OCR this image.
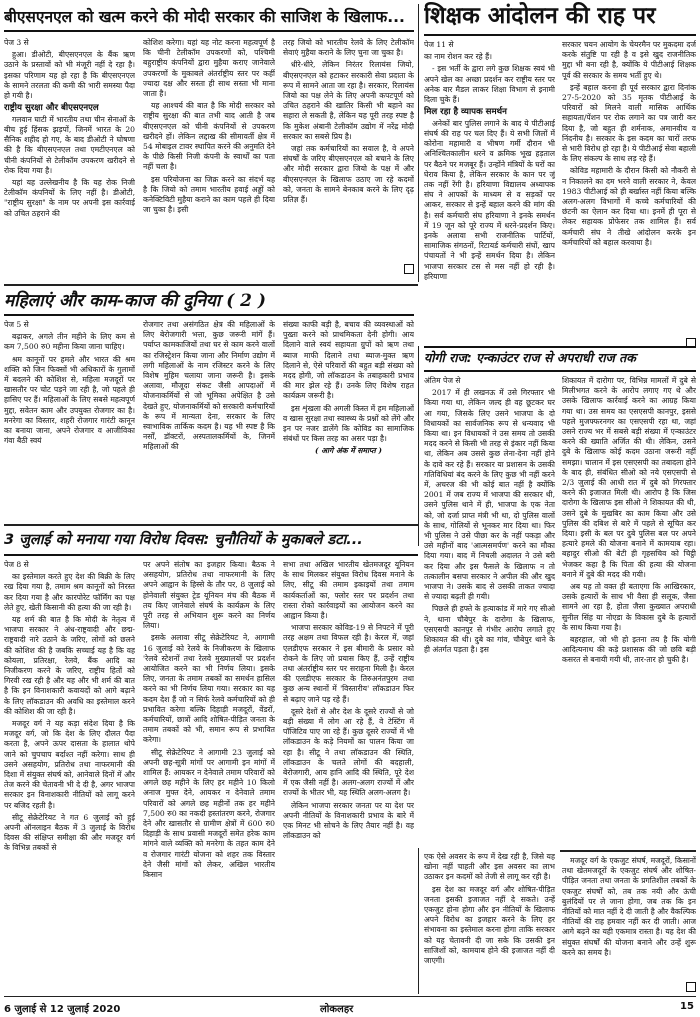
बीएसएनएल को खत्म करने की मोदी सरकार की साजिश के खिलाफ...

पेज 3 से

हुआ। डीओटी, बीएसएनएल के बैंक ऋण उठाने के प्रस्तावों को भी मंजूरी नहीं दे रहा है। इसका परिणाम यह हो रहा है कि बीएसएनएल के सामने तरलता की कमी की भारी समस्या पैदा हो गयी है।

राष्ट्रीय सुरक्षा और बीएसएनएल

गलवान घाटी में भारतीय तथा चीन सेनाओं के बीच हुई हिंसक झड़पों, जिनमें भारत के 20 सैनिक शहीद हो गए, के बाद डीओटी ने घोषणा की है कि बीएसएनएल तथा एमटीएनएल को चीनी कंपनियों से टेलीकॉम उपकरण खरीदने से रोक दिया गया है।

यहां यह उल्लेखनीय है कि यह रोक निजी टेलीकॉम कंपनियों के लिए नहीं है। डीओटी, "राष्ट्रीय सुरक्षा" के नाम पर अपनी इस कार्रवाई को उचित ठहराने की

कोशिश करेगा। यहां यह नोट करना महत्वपूर्ण है कि चीनी टेलीकॉम उपकरणों को, पश्चिमी बहुराष्ट्रीय कंपनियों द्वारा मुहैया कराए जानेवाले उपकरणों के मुकाबले अंतर्राष्ट्रीय स्तर पर कहीं ज्यादा दक्ष और सस्ता ही साथ सस्ता भी माना जाता है।

यह आश्चर्य की बात है कि मोदी सरकार को राष्ट्रीय सुरक्षा की बात तभी याद आती है जब बीएसएनएल को चीनी कंपनियों से उपकरण खरीदने हों। लेकिन लद्दाख की सीमावर्ती क्षेत्र में 54 मोबाइल टावर स्थापित करने की अनुमति देने के पीछे किसी निजी कंपनी के स्वार्थों का पता नहीं चला है।

इस परियोजना का जिक्र करने का संदर्भ यह है कि जियो को तमाम भारतीय हवाई अड्डों को कनेक्टिविटी मुहैया कराने का काम पहले ही दिया जा चुका है। इसी

तरह जियो को भारतीय रेलवे के लिए टेलीकॉम सेवाएं मुहैया कराने के लिए चुना जा चुका है।

धीरे-धीरे, लेकिन निरंतर रिलायंस जियो, बीएसएनएल को हटाकर सरकारी सेवा प्रदाता के रूप में सामने आता जा रहा है। सरकार, रिलायंस जियो का पक्ष लेने के लिए अपनी कपटपूर्ण को उचित ठहराने की खातिर किसी भी बहाने का सहारा ले सकती है, लेकिन यह पूरी तरह स्पष्ट है कि मुकेश अंबानी टेलीकॉम उद्योग में नरेंद्र मोदी सरकार का सबसे प्रिय है।

जहां तक कर्मचारियों का सवाल है, वे अपने संघर्षों के जरिए बीएसएनएल को बचाने के लिए और मोदी सरकार द्वारा जियो के पक्ष में और बीएसएनएल के खिलाफ उठाए जा रहे कदमों को, जनता के सामने बेनकाब करने के लिए दृढ़ प्रतिज्ञ हैं।

शिक्षक आंदोलन की राह पर

पेज 11 से

का नाम रोशन कर रहे हैं।

- इस भर्ती के द्वारा लगे कुछ शिक्षक स्वयं भी अपने खेल का अच्छा प्रदर्शन कर राष्ट्रीय स्तर पर अनेक बार मैडल लाकर शिक्षा विभाग से इनामी दिला चुके हैं।

मिल रहा है व्यापक समर्थन

अनेकों बार पुलिस लगाने के बाद ये पीटीआई संघर्ष की राह पर चल दिए हैं। ये सभी जिलों में कोरोना महामारी व भीषण गर्मी दौरान भी अनिश्चितकालीन धरने व क्रमिक भूख हड़ताल पर बैठने पर मजबूर हैं। उन्होंने मंत्रियों के घरों का घेराव किया है, लेकिन सरकार के कान पर जूं तक नहीं रेंगी है। हरियाणा विद्यालय अध्यापक संघ ने आपकों के माध्यम से व सड़कों पर आकर, सरकार से इन्हें बहाल करने की मांग की है। सर्व कर्मचारी संघ हरियाणा ने इनके समर्थन में 19 जून को पूरे राज्य में धरने-प्रदर्शन किए। इनके अलावा सभी राजनीतिक पार्टियों, सामाजिक संगठनों, रिटायर्ड कर्मचारी संघों, खाप पंचायतों ने भी इन्हें समर्थन दिया है। लेकिन भाजपा सरकार टस से मस नहीं हो रही है। हरियाणा

सरकार चयन आयोग के चेयरमैन पर मुकदमा दर्ज करके संतुष्टि पा रही है व इसे खुद राजनीतिक मुद्दा भी बना रही है, क्योंकि ये पीटीआई शिक्षक पूर्व की सरकार के समय भर्ती हुए थे।

इन्हें बहाल करना ही पूर्व सरकार द्वारा दिनांक 27-5-2020 को 35 मृतक पीटीआई के परिवारों को मिलने वाली मासिक आर्थिक सहायता/पेंशन पर रोक लगाने का पत्र जारी कर दिया है, जो बहुत ही शर्मनाक, अमानवीय व निंदनीय है। सरकार के इस कदम का चारों तरफ से भारी विरोध हो रहा है। ये पीटीआई सेवा बहाली के लिए संकल्प के साथ लड़ रहे हैं।

कोविड महामारी के दौरान किसी को नौकरी से न निकालने का दम भरने वाली सरकार ने, केवल 1983 पीटीआई को ही बर्खास्त नहीं किया बल्कि अलग-अलग विभागों में कच्चे कर्मचारियों की छंटनी का ऐलान कर दिया था। इनमें ही पूरा से लेकर सहायक प्रोफेसर तक शामिल हैं। सर्व कर्मचारी संघ ने तीखे आंदोलन करके इन कर्मचारियों को बहाल करवाया है।

महिलाएं और काम-काज की दुनिया ( 2 )

पेज 5 से

बढ़ाकर, अगले तीन महीने के लिए कम से कम 7,500 रु0 महीना किया जाना चाहिए।

श्रम कानूनों पर हमले और भारत की श्रम शक्ति को जिन फिक्सों भी अधिकारों के गुलामों में बदलने की कोशिश से, महिला मजदूरों पर खासतौर पर चोट पड़ने जा रही है, जो पहले ही हासिए पर हैं। महिलाओं के लिए सबसे महत्वपूर्ण मुद्दा, सवेतन काम और उपयुक्त रोजगार का है। मनरेगा का विस्तार, शहरी रोजगार गारंटी कानून का बनाया जाना, अपने रोजगार व आजीविका गंवा बैठी स्वयं

रोजगार तथा असंगठित क्षेत्र की महिलाओं के लिए बेरोजगारी भत्ता, कुछ जरूरी मांगें हैं। पर्याप्त कामकाजियों तथा घर से काम करने वालों का रजिस्ट्रेशन किया जाना और निर्माण उद्योग में लगी महिलाओं के नाम रजिस्टर करने के लिए विशेष मुहिम चलाया जाना जरूरी है। इसके अलावा, मौजूदा संकट जैसी आपदाओं में योजनाकर्मियों से जो भूमिका अपेक्षित है उसे देखते हुए, योजनाकर्मियों को सरकारी कर्मचारियों के रूप में मान्यता देना, सरकार के लिए स्वाभाविक तार्किक कदम है। यह भी स्पष्ट है कि नर्सों, डॉक्टरों, अस्पतालकर्मियों के, जिनमें महिलाओं की

संख्या काफी बड़ी है, बचाव की व्यवस्थाओं को पुख्ता करने को प्राथमिकता देनी होगी। आय दिलाने वाले स्वयं सहायता ग्रुपों को ऋण तथा ब्याज माफी दिलाने तथा ब्याज-मुक्त ऋण दिलाने से, ऐसे परिवारों की बहुत बड़ी संख्या को मदद होगी, जो लॉकडाउन के तबाहकारी प्रभाव की मार झेल रहे हैं। उनके लिए विशेष राहत कार्यक्रम जरूरी है।

इस शृंखला की अगली किस्त में हम महिलाओं व खास सुरक्षा तथा स्वास्थ्य के प्रश्नों को लेंगे और इन पर नजर डालेंगे कि कोविड का सामाजिक संबंधों पर किस तरह का असर पड़ा है।

( आगे अंक में समाप्त )

योगी राज: एन्काउंटर राज से अपराधी राज तक

अंतिम पेज से

2017 में ही लखनऊ में उसे गिरफ्तार भी किया गया था, लेकिन जल्द ही वह छूटकर घर आ गया, जिसके लिए उसने भाजपा के दो विधायकों का सार्वजनिक रूप से धन्यवाद भी किया था। इन विधायकों ने उस समय तो उसकी मदद करने से किसी भी तरह से इंकार नहीं किया था, लेकिन अब उससे कुछ लेना-देना नहीं होने के दावे कर रहे हैं। सरकार या प्रशासन के उसकी गतिविधियां बंद करने के लिए कुछ भी नहीं करने में, अचरज की भी कोई बात नहीं है क्योंकि 2001 में जब राज्य में भाजपा की सरकार थी, उसने पुलिस थाने में ही, भाजपा के एक नेता को, जो दर्जा प्राप्त मंत्री भी था, दो पुलिस वालों के साथ, गोलियों से भूनकर मार दिया था। फिर भी पुलिस ने उसे पीछा कर के नहीं पकड़ा और उसे महीनों बाद 'आत्मसमर्पण' करने का मौका दिया गया। बाद में निचली अदालत ने उसे बरी कर दिया और इस फैसले के खिलाफ न तो तत्कालीन बसपा सरकार ने अपील की और खुद भाजपा ने। उसके बाद से उसकी ताकत ज्यादा से ज्यादा बढ़ती ही गयी।

पिछले ही हफ्ते के हत्याकांड में मारे गए सीओ ने, थाना चौबेपुर के दारोगा के खिलाफ, एसएसपी कानपुर से गंभीर आरोप लगाते हुए शिकायत की थी। दुबे का गांव, चौबेपुर थाने के ही अंतर्गत पड़ता है। इस

शिकायत में दारोगा पर, विभिन्न मामलों में दुबे से मिलीभगत करने के आरोप लगाए गए थे और उसके खिलाफ कार्रवाई करने का आग्रह किया गया था। उस समय का एसएसपी कानपुर, इससे पहले मुजफ्फरनगर का एसएसपी रहा था, जहां उसने राज्य भर में सबसे बड़ी संख्या में एन्काउंटर करने की ख्याति अर्जित की थी। लेकिन, उसने दुबे के खिलाफ कोई कदम उठाना जरूरी नहीं समझा। चालान में इस एसएसपी का तबादला होने के बाद ही, संबंधित सीओ को नये एसएसपी से 2/3 जुलाई की आधी रात में दुबे को गिरफ्तार करने की इजाजत मिली थी। आरोप है कि जिस दारोगा के खिलाफ इस सीओ ने शिकायत की थी, उसने दुबे के मुखबिर का काम किया और उसे पुलिस की दबिश से बारे में पहले से सूचित कर दिया। इसी के बल पर दुबे पुलिस बल पर अपने हत्यारे हमले की योजना बनाने में कामयाब रहा। बहादुर सीओ की बेटी ही गृहसचिव को चिट्ठी भेजकर कहा है कि पिता की हत्या की योजना बनाने में दुबे की मदद की गयी।

अब यह तो वक्त ही बताएगा कि आखिरकार, उसके हत्यारों के साथ भी वैसा ही सलूक, जैसा सामने आ रहा है, होता जैसा कुख्यात अपराधी सुनील सिंह या नोएडा के विकास दुबे के हत्यारों के साथ किया गया है।

बहरहाल, जो भी हो इतना तय है कि योगी आदित्यनाथ की कड़े प्रशासक की जो छवि बड़ी कसरत से बनायी गयी थी, तार-तार हो चुकी है।

3 जुलाई को मनाया गया विरोध दिवस: चुनौतियों के मुकाबले डटा...

पेज 8 से

का इस्तेमाल करते हुए देश की बिक्री के लिए रख दिया गया है, तमाम श्रम कानूनों को निरस्त कर दिया गया है और कारपोरेट फॉर्मिंग का पक्ष लेते हुए, खेती किसानी की हत्या की जा रही है।

यह शर्म की बात है कि मोदी के नेतृत्व में भाजपा सरकार ने अंध-राष्ट्रवादी और छद्म-राष्ट्रवादी नारे उठाने के जरिए, लोगों को छलने की कोशिश की है जबकि सच्चाई यह है कि वह कोयला, प्रतिरक्षा, रेलवे, बैंक आदि का निजीकरण करने के जरिए, राष्ट्रीय हितों को गिरवी रख रही है और यह और भी शर्म की बात है कि इन विनाशकारी कवायदों को आगे बढ़ाने के लिए लॉकडाउन की अवधि का इस्तेमाल करने की कोशिश की जा रही है।

मजदूर वर्ग ने यह कड़ा संदेश दिया है कि मजदूर वर्ग, जो कि देश के लिए दौलत पैदा करता है, अपने ऊपर दासता के हालात थोपे जाने को चुपचाप बर्दाश्त नहीं करेगा। साथ ही उसने असहयोग, प्रतिरोध तथा नाफरमानी की दिशा में संयुक्त संघर्ष को, आनेवाले दिनों में और तेज करने की चेतावनी भी दे दी है, अगर भाजपा सरकार इन विनाशकारी नीतियों को लागू करने पर बजिद रहती है।

सीटू सेक्रेटेरियट ने गत 6 जुलाई को हुई अपनी ऑनलाइन बैठक में 3 जुलाई के विरोध दिवस की संक्षिप्त समीक्षा की और मजदूर वर्ग के विभिन्न तबकों से

पर अपने संतोष का इजहार किया। बैठक ने असहयोग, प्रतिरोध तथा नाफरमानी के लिए अपने आह्वान के हिस्से के तौर पर, 8 जुलाई को होनेवाली संयुक्त ट्रेड यूनियन मंच की बैठक में तय किए जानेवाले संघर्ष के कार्यक्रम के लिए पूरी तरह से अभियान शुरू करने का निर्णय लिया।

इसके अलावा सीटू सेक्रेटेरियट ने, आगामी 16 जुलाई को रेलवे के निजीकरण के खिलाफ 'रेलवे स्टेशनों तथा रेलवे मुख्यालयों पर प्रदर्शन आयोजित करने का भी निर्णय लिया। इसके लिए, जनता के तमाम तबकों का समर्थन हासिल करने का भी निर्णय लिया गया। सरकार का यह कदम देश हैं जो न सिर्फ रेलवे कर्मचारियों को ही प्रभावित करेगा बल्कि दिहाड़ी मजदूरों, वेंडरों, कर्मचारियों, छात्रों आदि शोषित-पीड़ित जनता के तमाम तबकों को भी, समान रूप से प्रभावित करेगा।

सीटू सेक्रेटेरियट ने आगामी 23 जुलाई को अपनी छह-सूत्री मांगों पर आगामी इन मांगों में शामिल हैं: आयकर न देनेवाले तमाम परिवारों को अगले छह महीने के लिए हर महीने 10 किलो अनाज मुफ्त देने, आयकर न देनेवाले तमाम परिवारों को अगले छह महीनों तक हर महीने 7,500 रु0 का नकदी हस्तांतरण करने, रोजगार देने और खासतौर से ग्रामीण क्षेत्रों में 600 रु0 दिहाड़ी के साथ प्रवासी मजदूरों समेत हरेक काम मांगने वाले व्यक्ति को मनरेगा के तहत काम देने व रोजगार गारंटी योजना को शहर तक विस्तार देने जैसी मांगों को लेकर, अखिल भारतीय किसान

सभा तथा अखिल भारतीय खेतमजदूर यूनियन के साथ मिलकर संयुक्त विरोध दिवस मनाने के लिए, सीटू की तमाम इकाइयों तथा तमाम कार्यकर्ताओं का, फ्लोर स्तर पर प्रदर्शन तथा रास्ता रोको कार्रवाइयों का आयोजन करने का आह्वान किया है।

भाजपा सरकार कोविड-19 से निपटने में पूरी तरह अक्षम तथा विफल रही है। केरल में, जहां एलडीएफ सरकार ने इस बीमारी के प्रसार को रोकने के लिए जो प्रयास किए हैं, उन्हें राष्ट्रीय तथा अंतर्राष्ट्रीय स्तर पर सराहना मिली है। केरल की एलडीएफ सरकार के तिरुअनंतपुरम तथा कुछ अन्य स्थानों में 'विस्तारीय' लॉकडाउन फिर से बढ़ाए जाने पड़ रहे हैं।

दूसरे देशों से और देश के दूसरे राज्यों से जो बड़ी संख्या में लोग आ रहे हैं, वे टेस्टिंग में पॉजिटिव पाए जा रहे हैं। कुछ दूसरे राज्यों में भी लॉकडाउन के कड़े नियमों का पालन किया जा रहा है। सीटू ने तथा लॉकडाउन की स्थिति, लॉकडाउन के चलते लोगों की बदहाली, बेरोजगारी, आय हानि आदि की स्थिति, पूरे देश में एक जैसी नहीं है। अलग-अलग राज्यों में और राज्यों के भीतर भी, यह स्थिति अलग-अलग है।

लेकिन भाजपा सरकार जनता पर या देश पर अपनी नीतियों के विनाशकारी प्रभाव के बारे में एक मिनट भी सोचने के लिए तैयार नहीं है। वह लॉकडाउन को

एक ऐसे अवसर के रूप में देख रही है, जिसे यह खोना नहीं चाहती और इस अवसर का लाभ उठाकर इन कदमों को तेजी से लागू कर रही है।

इस देश का मजदूर वर्ग और शोषित-पीड़ित जनता इसकी इजाजत नहीं दे सकते। उन्हें एकजुट होना होगा और इन नीतियों के खिलाफ अपने विरोध का इजहार करने के लिए हर संभावना का इस्तेमाल करना होगा ताकि सरकार को यह चेतावनी दी जा सके कि उसकी इन साजिशों को, कामयाब होने की इजाजत नहीं दी जाएगी।

मजदूर वर्ग के एकजुट संघर्ष, मजदूरों, किसानों तथा खेतमजदूरों के एकजुट संघर्ष और शोषित-पीड़ित जनता तथा जनता के प्रगतिशील तबकों के एकजुट संघर्षों को, तब तक नयी और ऊंची बुलंदियों पर ले जाना होगा, जब तक कि इन नीतियों को मात नहीं दे दी जाती है और वैकल्पिक नीतियों की राह हमवार नहीं कर दी जाती। आज आगे बढ़ने का यही एकमात्र रास्ता है। यह देश की संयुक्त संघर्षों की योजना बनाने और उन्हें शुरू करने का समय है।

6 जुलाई से 12 जुलाई 2020	लोकलहर	15
